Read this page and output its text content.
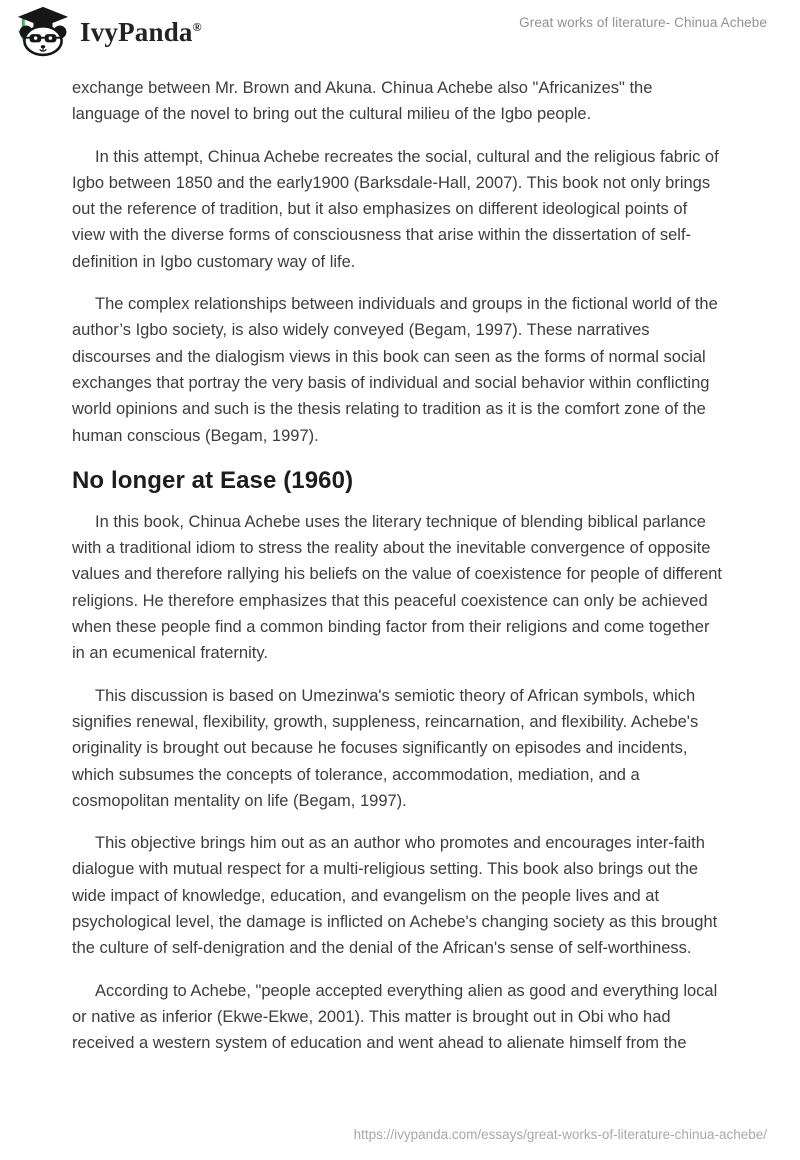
IvyPanda®	Great works of literature- Chinua Achebe

exchange between Mr. Brown and Akuna. Chinua Achebe also "Africanizes" the language of the novel to bring out the cultural milieu of the Igbo people.

In this attempt, Chinua Achebe recreates the social, cultural and the religious fabric of Igbo between 1850 and the early1900 (Barksdale-Hall, 2007). This book not only brings out the reference of tradition, but it also emphasizes on different ideological points of view with the diverse forms of consciousness that arise within the dissertation of self-definition in Igbo customary way of life.

The complex relationships between individuals and groups in the fictional world of the author’s Igbo society, is also widely conveyed (Begam, 1997). These narratives discourses and the dialogism views in this book can seen as the forms of normal social exchanges that portray the very basis of individual and social behavior within conflicting world opinions and such is the thesis relating to tradition as it is the comfort zone of the human conscious (Begam, 1997).

No longer at Ease (1960)

In this book, Chinua Achebe uses the literary technique of blending biblical parlance with a traditional idiom to stress the reality about the inevitable convergence of opposite values and therefore rallying his beliefs on the value of coexistence for people of different religions. He therefore emphasizes that this peaceful coexistence can only be achieved when these people find a common binding factor from their religions and come together in an ecumenical fraternity.

This discussion is based on Umezinwa's semiotic theory of African symbols, which signifies renewal, flexibility, growth, suppleness, reincarnation, and flexibility. Achebe's originality is brought out because he focuses significantly on episodes and incidents, which subsumes the concepts of tolerance, accommodation, mediation, and a cosmopolitan mentality on life (Begam, 1997).

This objective brings him out as an author who promotes and encourages inter-faith dialogue with mutual respect for a multi-religious setting. This book also brings out the wide impact of knowledge, education, and evangelism on the people lives and at psychological level, the damage is inflicted on Achebe's changing society as this brought the culture of self-denigration and the denial of the African's sense of self-worthiness.

According to Achebe, "people accepted everything alien as good and everything local or native as inferior (Ekwe-Ekwe, 2001). This matter is brought out in Obi who had received a western system of education and went ahead to alienate himself from the

https://ivypanda.com/essays/great-works-of-literature-chinua-achebe/
